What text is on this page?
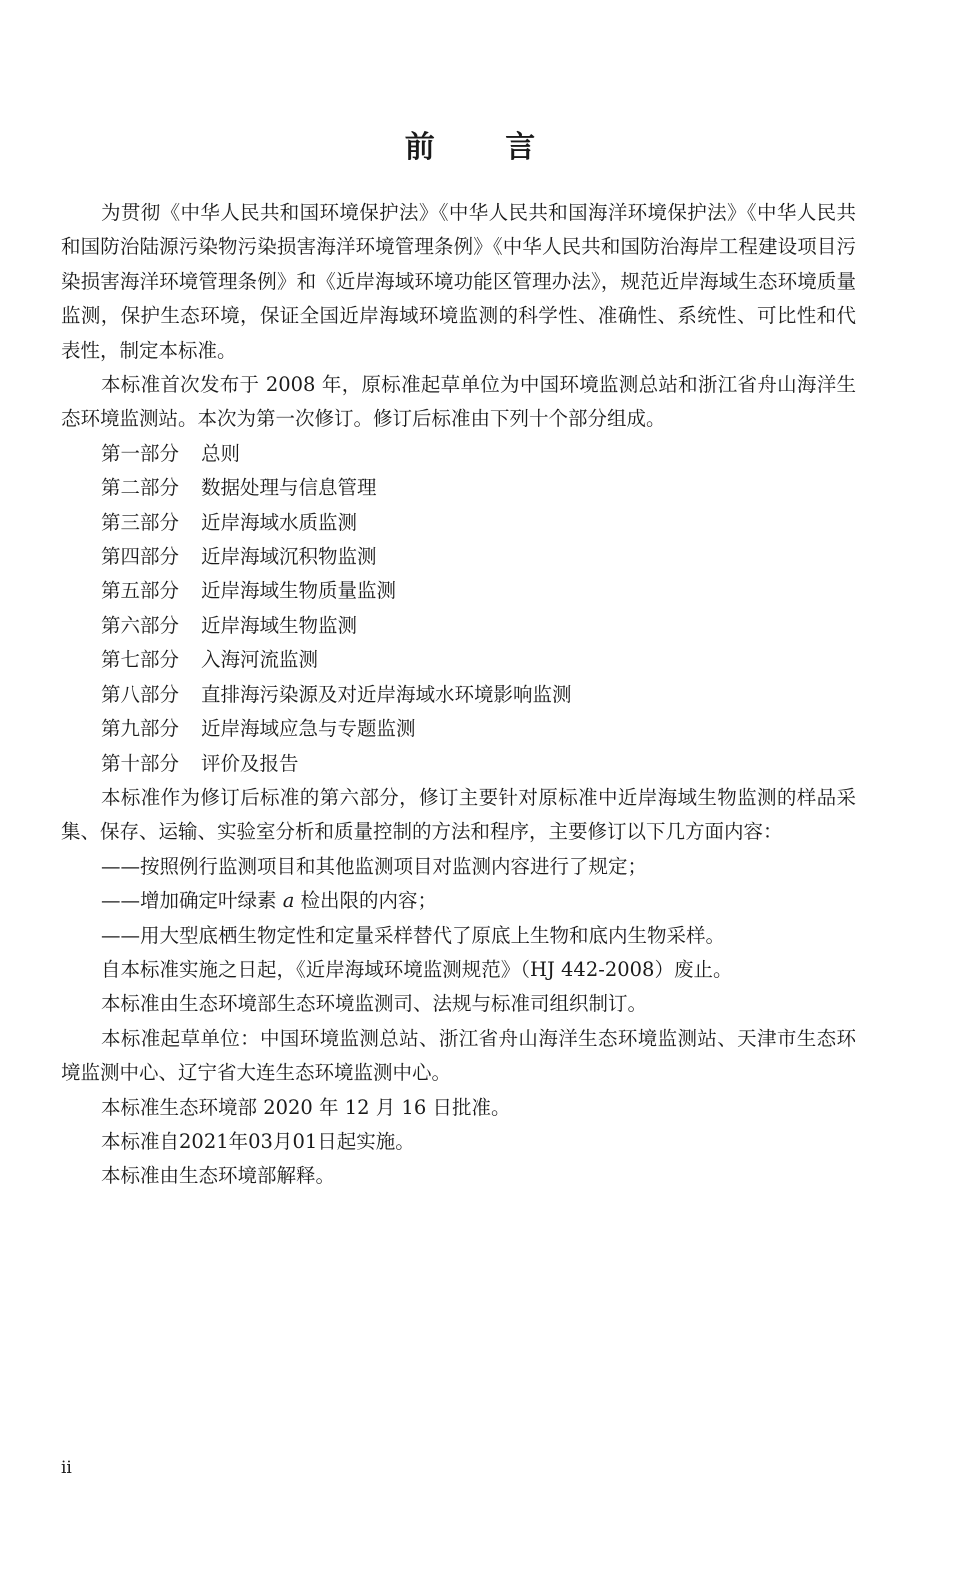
前 言

为贯彻《中华人民共和国环境保护法》《中华人民共和国海洋环境保护法》《中华人民共和国防治陆源污染物污染损害海洋环境管理条例》《中华人民共和国防治海岸工程建设项目污染损害海洋环境管理条例》和《近岸海域环境功能区管理办法》，规范近岸海域生态环境质量监测，保护生态环境，保证全国近岸海域环境监测的科学性、准确性、系统性、可比性和代表性，制定本标准。

本标准首次发布于 2008 年，原标准起草单位为中国环境监测总站和浙江省舟山海洋生态环境监测站。本次为第一次修订。修订后标准由下列十个部分组成。

第一部分	总则
第二部分	数据处理与信息管理
第三部分	近岸海域水质监测
第四部分	近岸海域沉积物监测
第五部分	近岸海域生物质量监测
第六部分	近岸海域生物监测
第七部分	入海河流监测
第八部分	直排海污染源及对近岸海域水环境影响监测
第九部分	近岸海域应急与专题监测
第十部分	评价及报告

本标准作为修订后标准的第六部分，修订主要针对原标准中近岸海域生物监测的样品采集、保存、运输、实验室分析和质量控制的方法和程序，主要修订以下几方面内容：

——按照例行监测项目和其他监测项目对监测内容进行了规定；
——增加确定叶绿素 a 检出限的内容；
——用大型底栖生物定性和定量采样替代了原底上生物和底内生物采样。

自本标准实施之日起，《近岸海域环境监测规范》（HJ 442-2008）废止。

本标准由生态环境部生态环境监测司、法规与标准司组织制订。

本标准起草单位：中国环境监测总站、浙江省舟山海洋生态环境监测站、天津市生态环境监测中心、辽宁省大连生态环境监测中心。

本标准生态环境部 2020 年 12 月 16 日批准。

本标准自2021年03月01日起实施。

本标准由生态环境部解释。

ii
